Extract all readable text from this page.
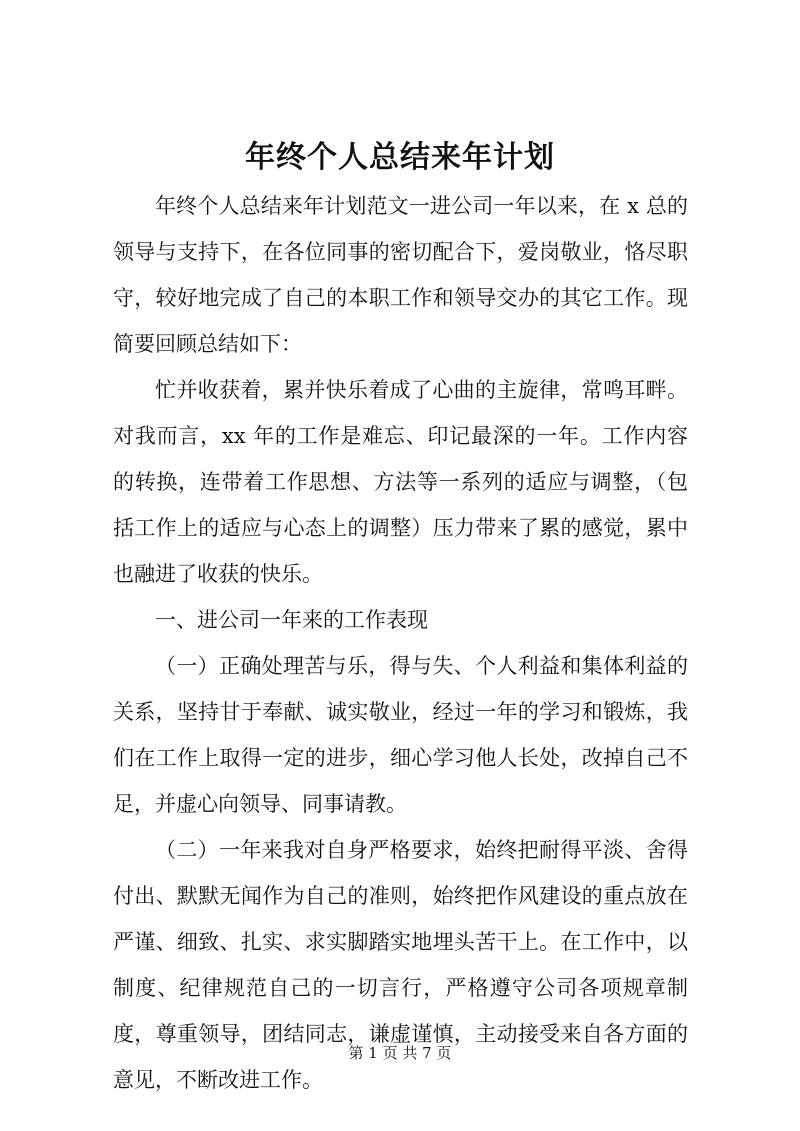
年终个人总结来年计划

年终个人总结来年计划范文一进公司一年以来，在 x 总的领导与支持下，在各位同事的密切配合下，爱岗敬业，恪尽职守，较好地完成了自己的本职工作和领导交办的其它工作。现简要回顾总结如下：

忙并收获着，累并快乐着成了心曲的主旋律，常鸣耳畔。对我而言，xx 年的工作是难忘、印记最深的一年。工作内容的转换，连带着工作思想、方法等一系列的适应与调整，（包括工作上的适应与心态上的调整）压力带来了累的感觉，累中也融进了收获的快乐。

一、进公司一年来的工作表现

（一）正确处理苦与乐，得与失、个人利益和集体利益的关系，坚持甘于奉献、诚实敬业，经过一年的学习和锻炼，我们在工作上取得一定的进步，细心学习他人长处，改掉自己不足，并虚心向领导、同事请教。

（二）一年来我对自身严格要求，始终把耐得平淡、舍得付出、默默无闻作为自己的准则，始终把作风建设的重点放在严谨、细致、扎实、求实脚踏实地埋头苦干上。在工作中，以制度、纪律规范自己的一切言行，严格遵守公司各项规章制度，尊重领导，团结同志，谦虚谨慎，主动接受来自各方面的意见，不断改进工作。

第 1 页 共 7 页
